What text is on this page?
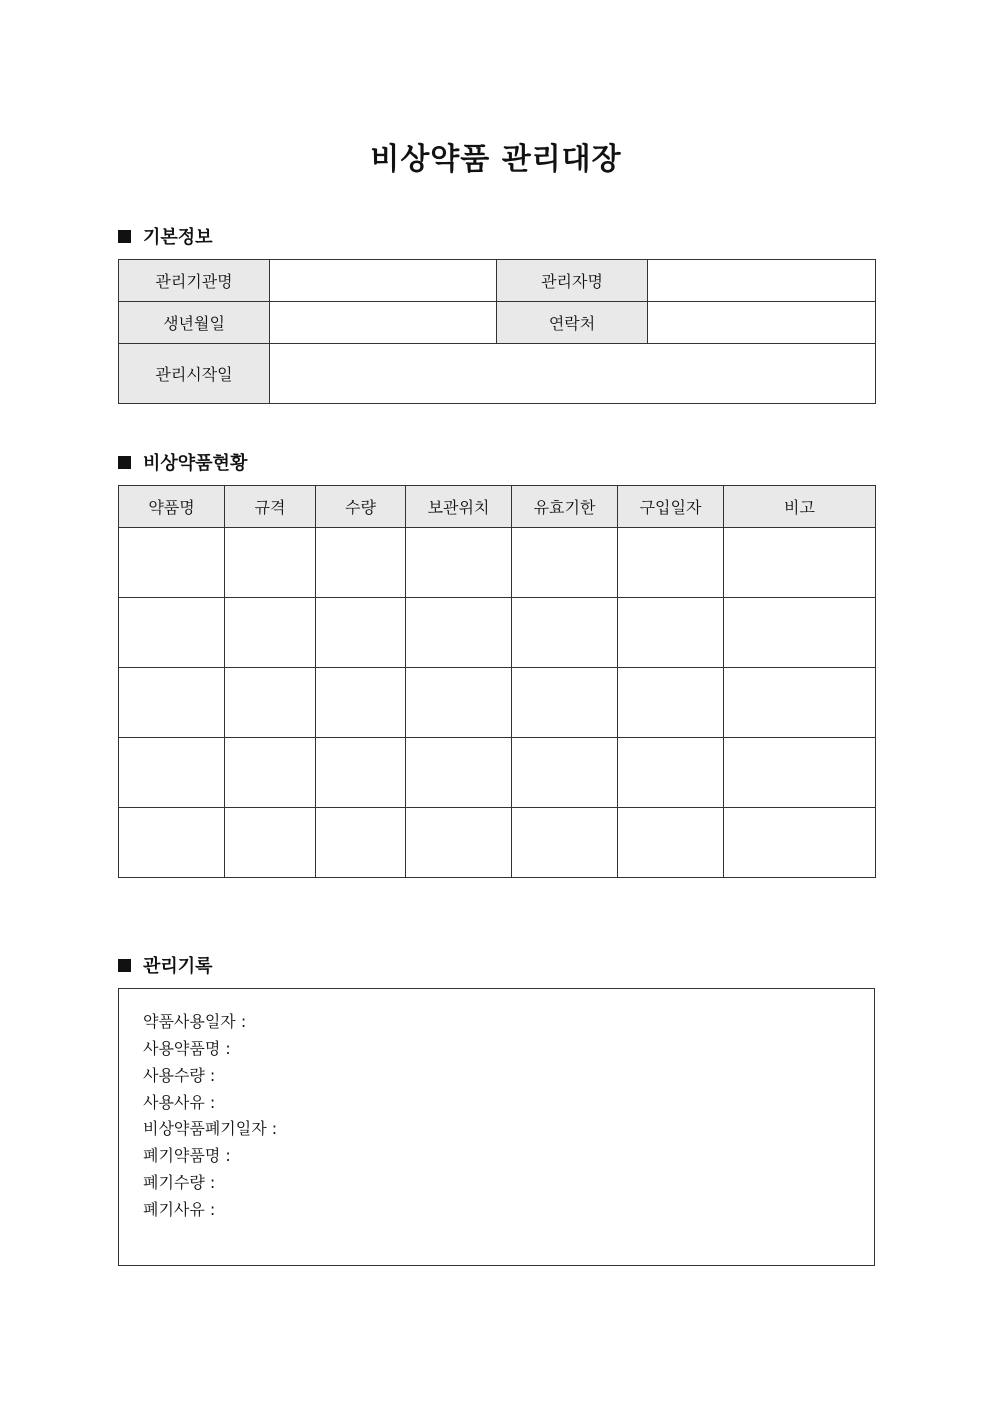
비상약품 관리대장
기본정보
관리기관명		관리자명	
생년월일		연락처	
관리시작일			
비상약품현황
약품명	규격	수량	보관위치	유효기한	구입일자	비고

관리기록
약품사용일자 :
사용약품명 :
사용수량 :
사용사유 :
비상약품폐기일자 :
폐기약품명 :
폐기수량 :
폐기사유 :
